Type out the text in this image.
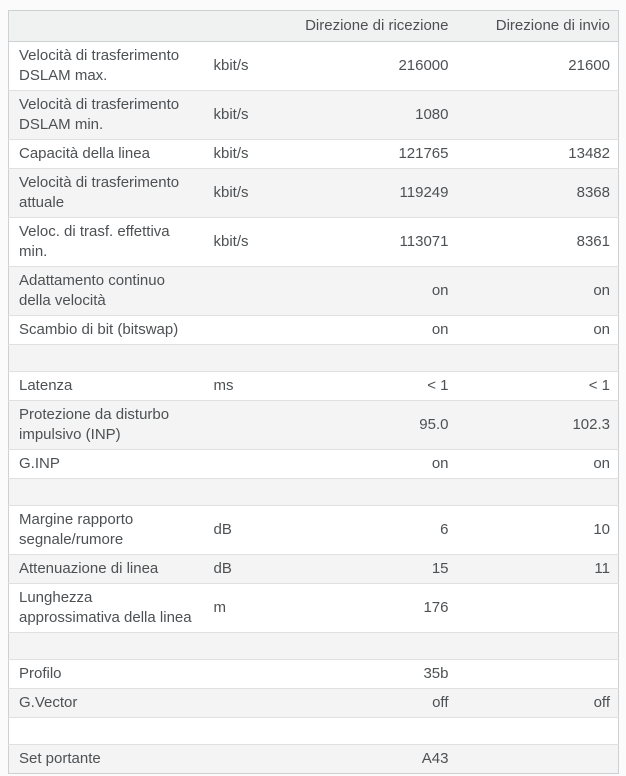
		Direzione di ricezione	Direzione di invio
Velocità di trasferimento DSLAM max.	kbit/s	216000	21600
Velocità di trasferimento DSLAM min.	kbit/s	1080	
Capacità della linea	kbit/s	121765	13482
Velocità di trasferimento attuale	kbit/s	119249	8368
Veloc. di trasf. effettiva min.	kbit/s	113071	8361
Adattamento continuo della velocità		on	on
Scambio di bit (bitswap)		on	on

Latenza	ms	< 1	< 1
Protezione da disturbo impulsivo (INP)		95.0	102.3
G.INP		on	on

Margine rapporto segnale/rumore	dB	6	10
Attenuazione di linea	dB	15	11
Lunghezza approssimativa della linea	m	176	

Profilo		35b	
G.Vector		off	off

Set portante		A43	
